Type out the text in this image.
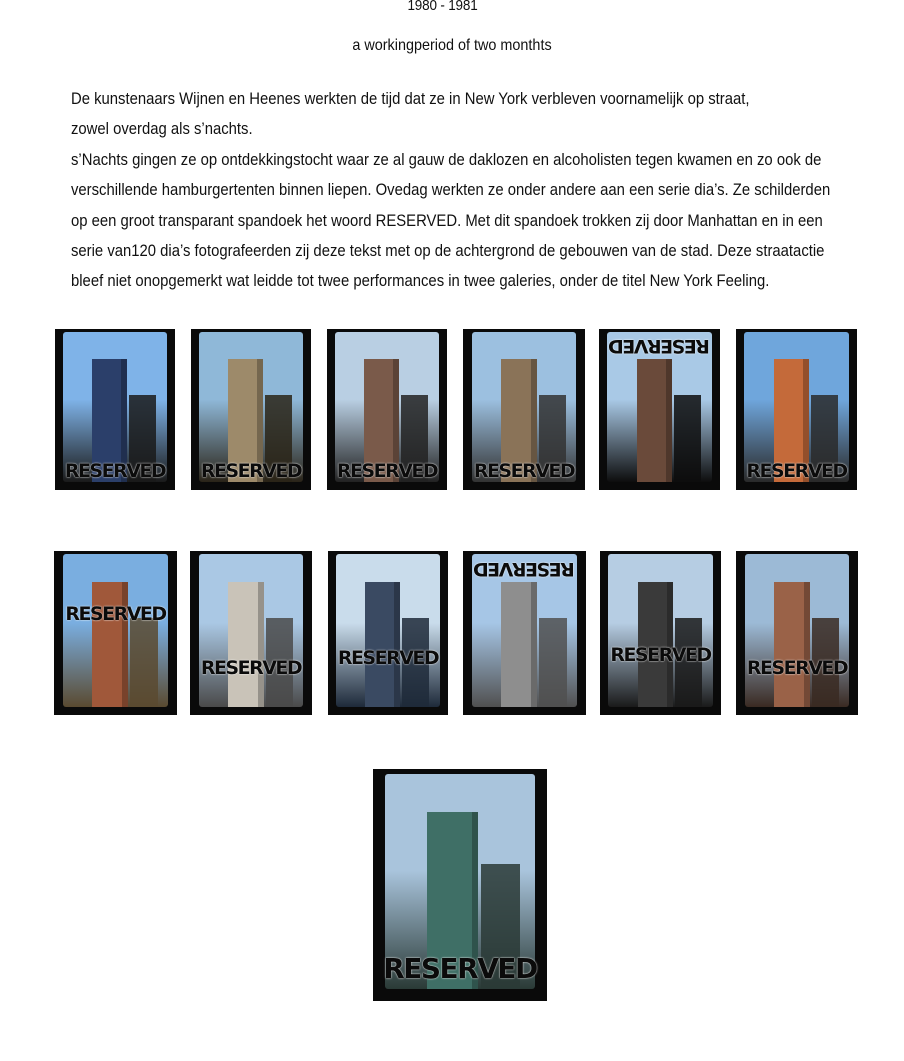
1980 - 1981
a workingperiod of two monthts

De kunstenaars Wijnen en Heenes werkten de tijd dat ze in New York verbleven voornamelijk op straat,

zowel overdag als s’nachts.

s’Nachts gingen ze op ontdekkingstocht waar ze al gauw de daklozen en alcoholisten tegen kwamen en zo ook de

verschillende hamburgertenten binnen liepen. Ovedag werkten ze onder andere aan een serie dia’s. Ze schilderden

op een groot transparant spandoek het woord RESERVED. Met dit spandoek trokken zij door Manhattan en in een

serie van120 dia’s fotografeerden zij deze tekst met op de achtergrond de gebouwen van de stad. Deze straatactie

bleef niet onopgemerkt wat leidde tot twee performances in twee galeries, onder de titel New York Feeling.

RESERVED RESERVED RESERVED	RESERVED
RESERVED
RESERVED
RESERVED
RESERVED	RESERVED
RESERVED
RESERVED
RESERVED
RESERVED
